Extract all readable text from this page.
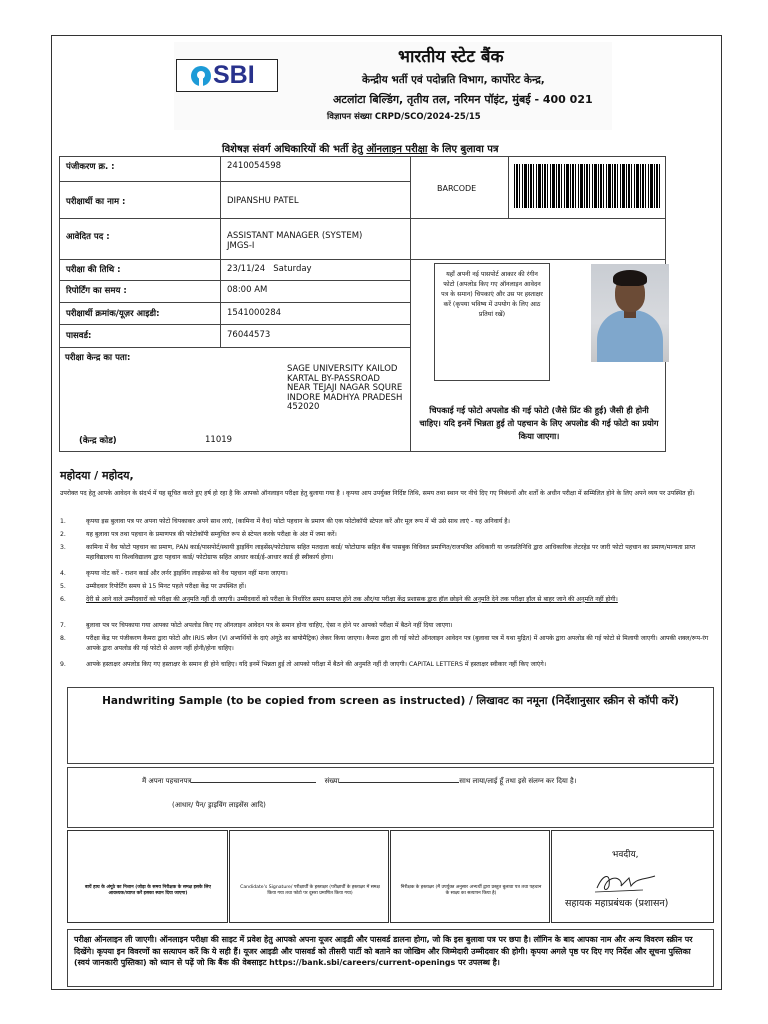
SBI
भारतीय स्टेट बैंक
केन्द्रीय भर्ती एवं पदोन्नति विभाग, कार्पोरेट केन्द्र,
अटलांटा बिल्डिंग, तृतीय तल, नरिमन पॉइंट, मुंबई - 400 021
विज्ञापन संख्या CRPD/SCO/2024-25/15
विशेषज्ञ संवर्ग अधिकारियों की भर्ती हेतु ऑनलाइन परीक्षा के लिए बुलावा पत्र
पंजीकरण क्र. :	2410054598
परीक्षार्थी का नाम :	DIPANSHU PATEL
BARCODE
आवेदित पद :	ASSISTANT MANAGER (SYSTEM) JMGS-I
परीक्षा की तिथि :	23/11/24   Saturday
रिपोर्टिंग का समय :	08:00 AM
परीक्षार्थी क्रमांक/यूज़र आइडी:	1541000284
पासवर्ड:	76044573
परीक्षा केन्द्र का पता:
SAGE UNIVERSITY KAILOD KARTAL BY-PASSROAD NEAR TEJAJI NAGAR SQURE INDORE MADHYA PRADESH 452020
(केन्द्र कोड)	11019
यहाँ अपनी नई पासपोर्ट आकार की रंगीन फोटो (अपलोड किए गए ऑनलाइन आवेदन पत्र के समान) चिपकाएं और उस पर हस्ताक्षर करें (कृपया भविष्य में उपयोग के लिए आठ प्रतियां रखें)
चिपकाई गई फोटो अपलोड की गई फोटो (जैसे प्रिंट की हुई) जैसी ही होनी चाहिए। यदि इनमें भिन्नता हुई तो पहचान के लिए अपलोड की गई फोटो का प्रयोग किया जाएगा।
महोदया / महोदय,
उपरोक्त पद हेतु आपके आवेदन के संदर्भ में यह सूचित करते हुए हर्ष हो रहा है कि आपको ऑनलाइन परीक्षा हेतु बुलाया गया है । कृपया आप उपर्युक्त निर्दिष्ट तिथि, समय तथा स्थान पर नीचे दिए गए निबंधनों और शर्तों के अधीन परीक्षा में सम्मिलित होने के लिए अपने व्यय पर उपस्थित हों।
1.	कृपया इस बुलावा पत्र पर अपना फोटो चिपकाकर अपने साथ लाएं, (कामिना में वैध) फोटो पहचान के प्रमाण की एक फोटोकॉपी स्टेपल करें और मूल रूप में भी उसे साथ लाएं - यह अनिवार्य है।
2.	यह बुलावा पत्र तथा पहचान के प्रमाणपत्र की फोटोकॉपी सम्युचित रूप से स्टेपल करके परीक्षा के अंत में जमा करें।
3.	कामिना में वैध फोटो पहचान का प्रमाण, PAN कार्ड/पासपोर्ट/स्थायी ड्राइविंग लाइसेंस/फोटोग्राफ सहित मतदाता कार्ड/ फोटोग्राफ सहित बैंक पासबुक विधिवत प्रमाणित/राजपत्रित अधिकारी या जनप्रतिनिधि द्वारा आधिकारिक लेटरहेड पर जारी फोटो पहचान का प्रमाण/मान्यता प्राप्त महाविद्यालय या विश्वविद्यालय द्वारा पहचान कार्ड/ फोटोग्राफ सहित आधार कार्ड/ई-आधार कार्ड ही स्वीकार्य होगा।
4.	कृपया नोट करें - राशन कार्ड और लर्नर ड्राइविंग लाइसेन्स को वैध पहचान नहीं माना जाएगा।
5.	उम्मीदवार रिपोर्टिंग समय से 15 मिनट पहले परीक्षा केंद्र पर उपस्थित हों।
6.	देरी से आने वाले उम्मीदवारों को परीक्षा की अनुमति नहीं दी जाएगी। उम्मीदवारों को परीक्षा के निर्धारित समय समाप्त होने तक और/या परीक्षा केंद्र प्रशासक द्वारा हॉल छोड़ने की अनुमति देने तक परीक्षा हॉल से बाहर जाने की अनुमति नहीं होगी।
7.	बुलावा पत्र पर चिपकाया गया आपका फोटो अपलोड किए गए ऑनलाइन आवेदन पत्र के समान होना चाहिए, ऐसा न होने पर आपको परीक्षा में बैठने नहीं दिया जाएगा।
8.	परीक्षा केंद्र पर पंजीकरण कैमरा द्वारा फोटो और IRIS स्कैन (VI अभ्यर्थियों के दाएं अंगूठे का बायोमैट्रिक) लेकर किया जाएगा। कैमरा द्वारा ली गई फोटो ऑनलाइन आवेदन पत्र (बुलावा पत्र में यथा मुद्रित) में आपके द्वारा अपलोड की गई फोटो से मिलायी जाएगी। आपकी शक्ल/रूप-रंग आपके द्वारा अपलोड की गई फोटो से अलग नहीं होनी/होना चाहिए।
9.	आपके हस्ताक्षर अपलोड किए गए हस्ताक्षर के समान ही होने चाहिए। यदि इनमें भिन्नता हुई तो आपको परीक्षा में बैठने की अनुमति नहीं दी जाएगी। CAPITAL LETTERS में हस्ताक्षर स्वीकार नहीं किए जाएंगे।
Handwriting Sample (to be copied from screen as instructed) / लिखावट का नमूना (निर्देशानुसार स्क्रीन से कॉपी करें)
मैं अपना पहचानपत्र	संख्या	साथ लाया/लाई हूँ तथा इसे संलग्न कर दिया है।
(आधार/ पैन/ ड्राइविंग लाइसेंस आदि)
बायें हाथ के अंगूठे का निशान (जोड़ा के समय निरीक्षक के समक्ष इसके लिए आवश्यक/व्याप्त करें इसका स्थान दिया जाएगा)
Candidate's Signature/ परीक्षार्थी के हस्ताक्षर (परीक्षार्थी के हस्ताक्षर में समक्ष किया गया तथा फोटो पर दूसरा प्रमाणित किया गया)
निरीक्षक के हस्ताक्षर (मैं उपर्युक्त अनुसार अभ्यर्थी द्वारा प्रस्तुत बुलावा पत्र तथा पहचान के साक्ष्य का सत्यापन किया है)
भवदीय,
सहायक महाप्रबंधक (प्रशासन)
परीक्षा ऑनलाइन ली जाएगी। ऑनलाइन परीक्षा की साइट में प्रवेश हेतु आपको अपना यूजर आइडी और पासवर्ड डालना होगा, जो कि इस बुलावा पत्र पर छपा है। लॉगिन के बाद आपका नाम और अन्य विवरण स्क्रीन पर दिखेंगे। कृपया इन विवरणों का सत्यापन करें कि ये सही हैं। यूजर आइडी और पासवर्ड को तीसरी पार्टी को बताने का जोखिम और जिम्मेदारी उम्मीदवार की होगी। कृपया अगले पृष्ठ पर दिए गए निर्देश और सूचना पुस्तिका (स्वयं जानकारी पुस्तिका) को ध्यान से पढ़ें जो कि बैंक की वेबसाइट https://bank.sbi/careers/current-openings पर उपलब्ध है।
